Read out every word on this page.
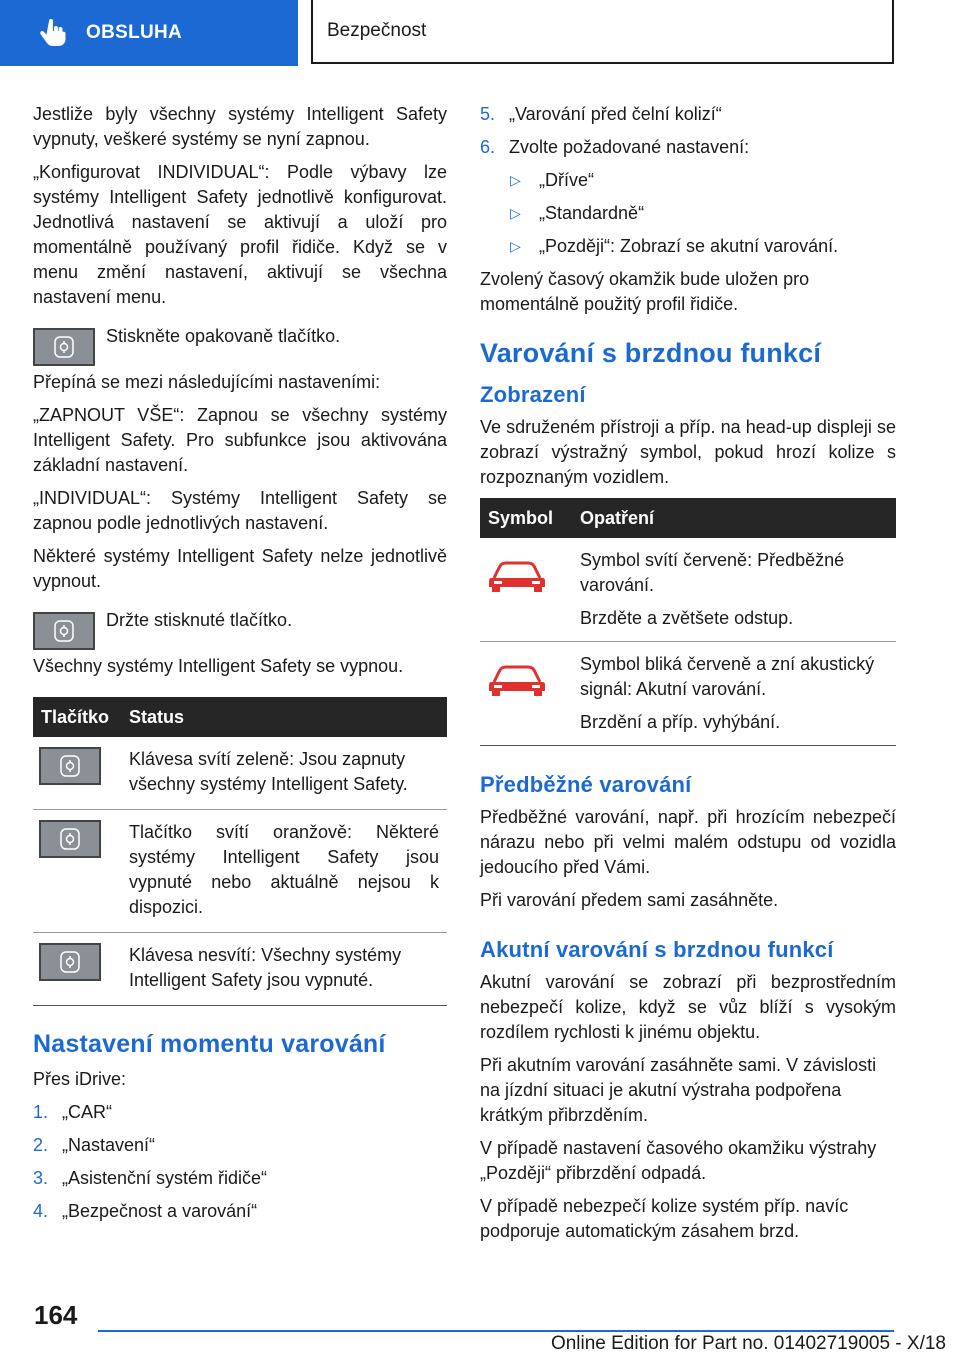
OBSLUHA	Bezpečnost

Jestliže byly všechny systémy Intelligent Safety vypnuty, veškeré systémy se nyní zapnou.

„Konfigurovat INDIVIDUAL“: Podle výbavy lze systémy Intelligent Safety jednotlivě konfigurovat. Jednotlivá nastavení se aktivují a uloží pro momentálně používaný profil řidiče. Když se v menu změní nastavení, aktivují se všechna nastavení menu.

Stiskněte opakovaně tlačítko.

Přepíná se mezi následujícími nastaveními:

„ZAPNOUT VŠE“: Zapnou se všechny systémy Intelligent Safety. Pro subfunkce jsou aktivována základní nastavení.

„INDIVIDUAL“: Systémy Intelligent Safety se zapnou podle jednotlivých nastavení.

Některé systémy Intelligent Safety nelze jednotlivě vypnout.

Držte stisknuté tlačítko.

Všechny systémy Intelligent Safety se vypnou.

Tlačítko	Status

	Klávesa svítí zeleně: Jsou zapnuty všechny systémy Intelligent Safety.

	Tlačítko svítí oranžově: Některé systémy Intelligent Safety jsou vypnuté nebo aktuálně nejsou k dispozici.

	Klávesa nesvítí: Všechny systémy Intelligent Safety jsou vypnuté.
Nastavení momentu varování

Přes iDrive:

1. „CAR“
2. „Nastavení“
3. „Asistenční systém řidiče“
4. „Bezpečnost a varování“
5. „Varování před čelní kolizí“
6. Zvolte požadované nastavení:
▷	„Dříve“
▷	„Standardně“
▷	„Později“: Zobrazí se akutní varování.

Zvolený časový okamžik bude uložen pro momentálně použitý profil řidiče.

Varování s brzdnou funkcí
Zobrazení

Ve sdruženém přístroji a příp. na head-up displeji se zobrazí výstražný symbol, pokud hrozí kolize s rozpoznaným vozidlem.

Symbol	Opatření

Symbol svítí červeně: Předběžné varování.

Brzděte a zvětšete odstup.

Symbol bliká červeně a zní akustický signál: Akutní varování.

Brzdění a příp. vyhýbání.

Předběžné varování

Předběžné varování, např. při hrozícím nebezpečí nárazu nebo při velmi malém odstupu od vozidla jedoucího před Vámi.

Při varování předem sami zasáhněte.

Akutní varování s brzdnou funkcí

Akutní varování se zobrazí při bezprostředním nebezpečí kolize, když se vůz blíží s vysokým rozdílem rychlosti k jinému objektu.

Při akutním varování zasáhněte sami. V závislosti na jízdní situaci je akutní výstraha podpořena krátkým přibrzděním.

V případě nastavení časového okamžiku výstrahy „Později“ přibrzdění odpadá.

V případě nebezpečí kolize systém příp. navíc podporuje automatickým zásahem brzd.

164
Online Edition for Part no. 01402719005 - X/18
